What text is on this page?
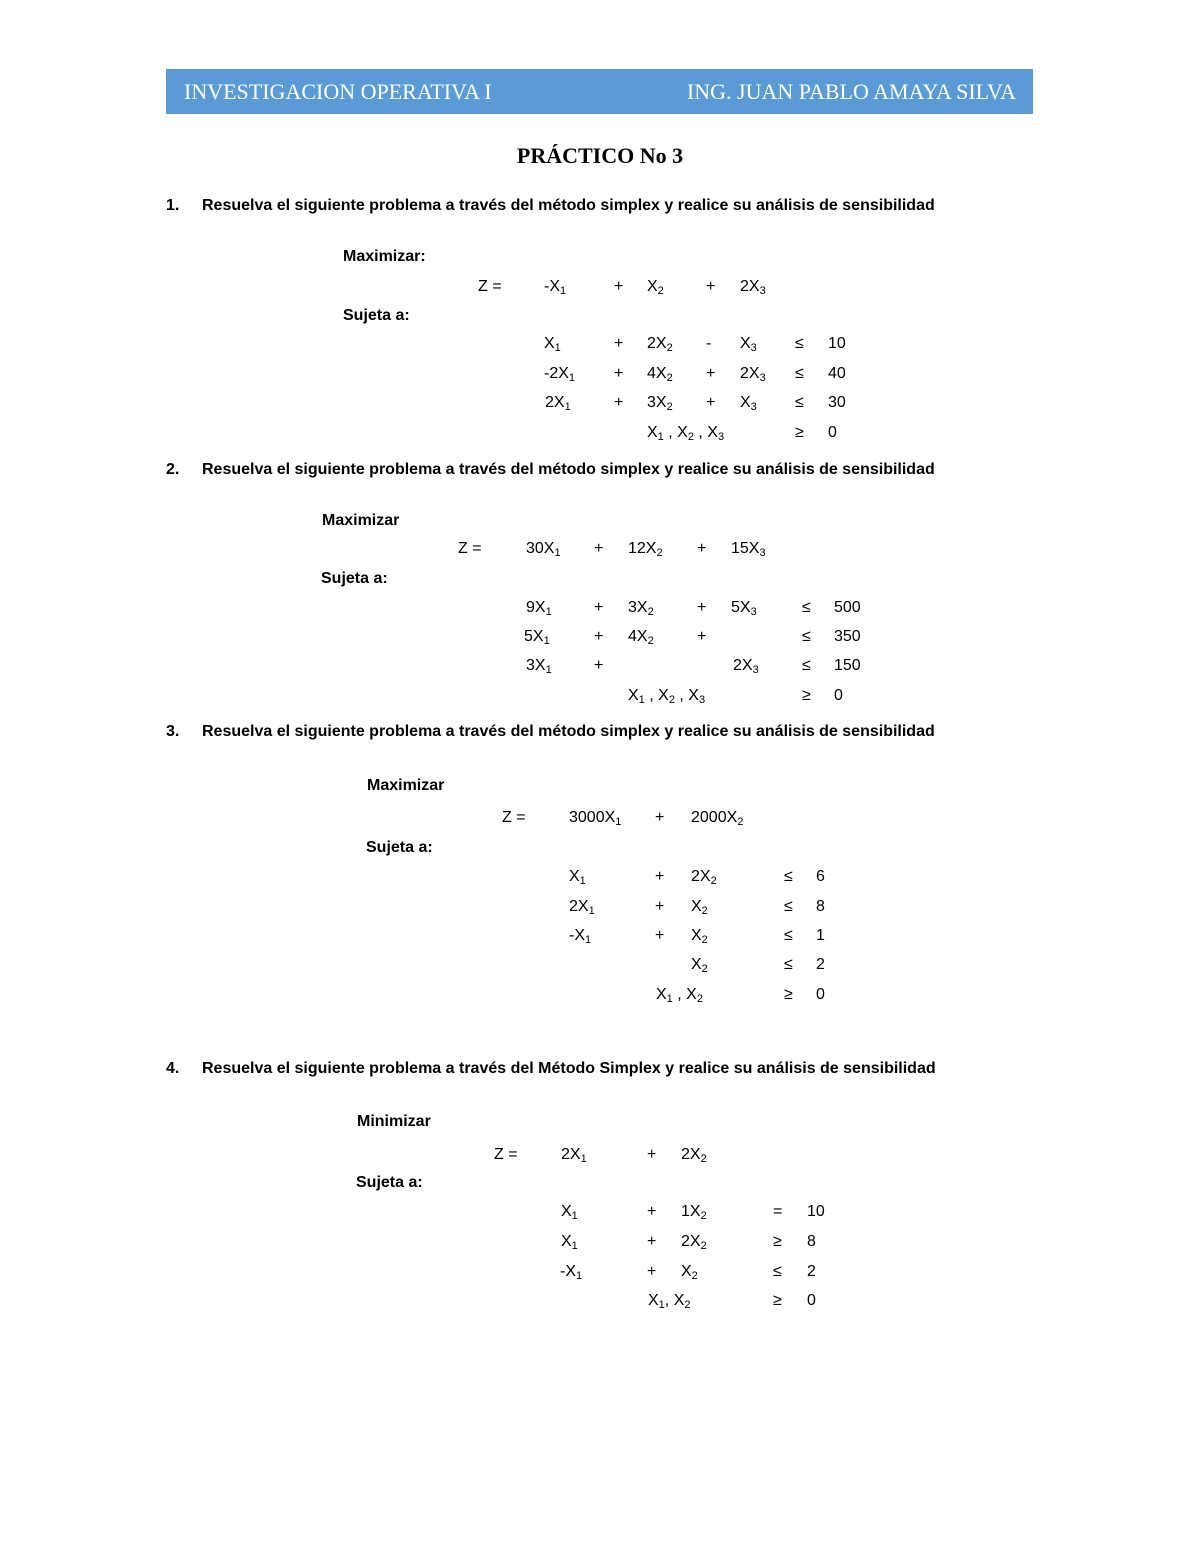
INVESTIGACION OPERATIVA I	ING. JUAN PABLO AMAYA SILVA
PRÁCTICO No 3
1. Resuelva el siguiente problema a través del método simplex y realice su análisis de sensibilidad
Maximizar:
Z =	$-X_1$	+ $X_2$	+ $2X_3$
Sujeta a:
$X_1$	+ $2X_2 - X_3 \le 10$
$-2X_1 + 4X_2 + 2X_3 \le 40$
$2X_1$	+ $3X_2 + X_3 \le 30$
$X_1$ , $X_2$ , $X_3$	≥ 0
2. Resuelva el siguiente problema a través del método simplex y realice su análisis de sensibilidad
Maximizar
Z =	$30X_1 + 12X_2 + 15X_3$
Sujeta a:
$9X_1$	+ $3X_2$	+ $5X_3$	≤ 500
$5X_1$	+ $4X_2$	+	≤ 350
$3X_1$	+	$2X_3$	≤ 150
$X_1$ , $X_2$ , $X_3$	≥ 0
3. Resuelva el siguiente problema a través del método simplex y realice su análisis de sensibilidad
Maximizar
Z =	$3000X_1 + 2000X_2$
Sujeta a:
$X_1$	+ $2X_2$	≤ 6
$2X_1$	+ $X_2$	≤ 8
$-X_1$	+ $X_2$	≤ 1
$X_2$	≤ 2
$X_1$ , $X_2$	≥ 0
4. Resuelva el siguiente problema a través del Método Simplex y realice su análisis de sensibilidad
Minimizar
Z =	$2X_1$	+ $2X_2$
Sujeta a:
$X_1$	+ $1X_2$	= 10
$X_1$	+ $2X_2$	≥ 8
$-X_1$	+ $X_2$	≤ 2
$X_1$, $X_2$	≥ 0
